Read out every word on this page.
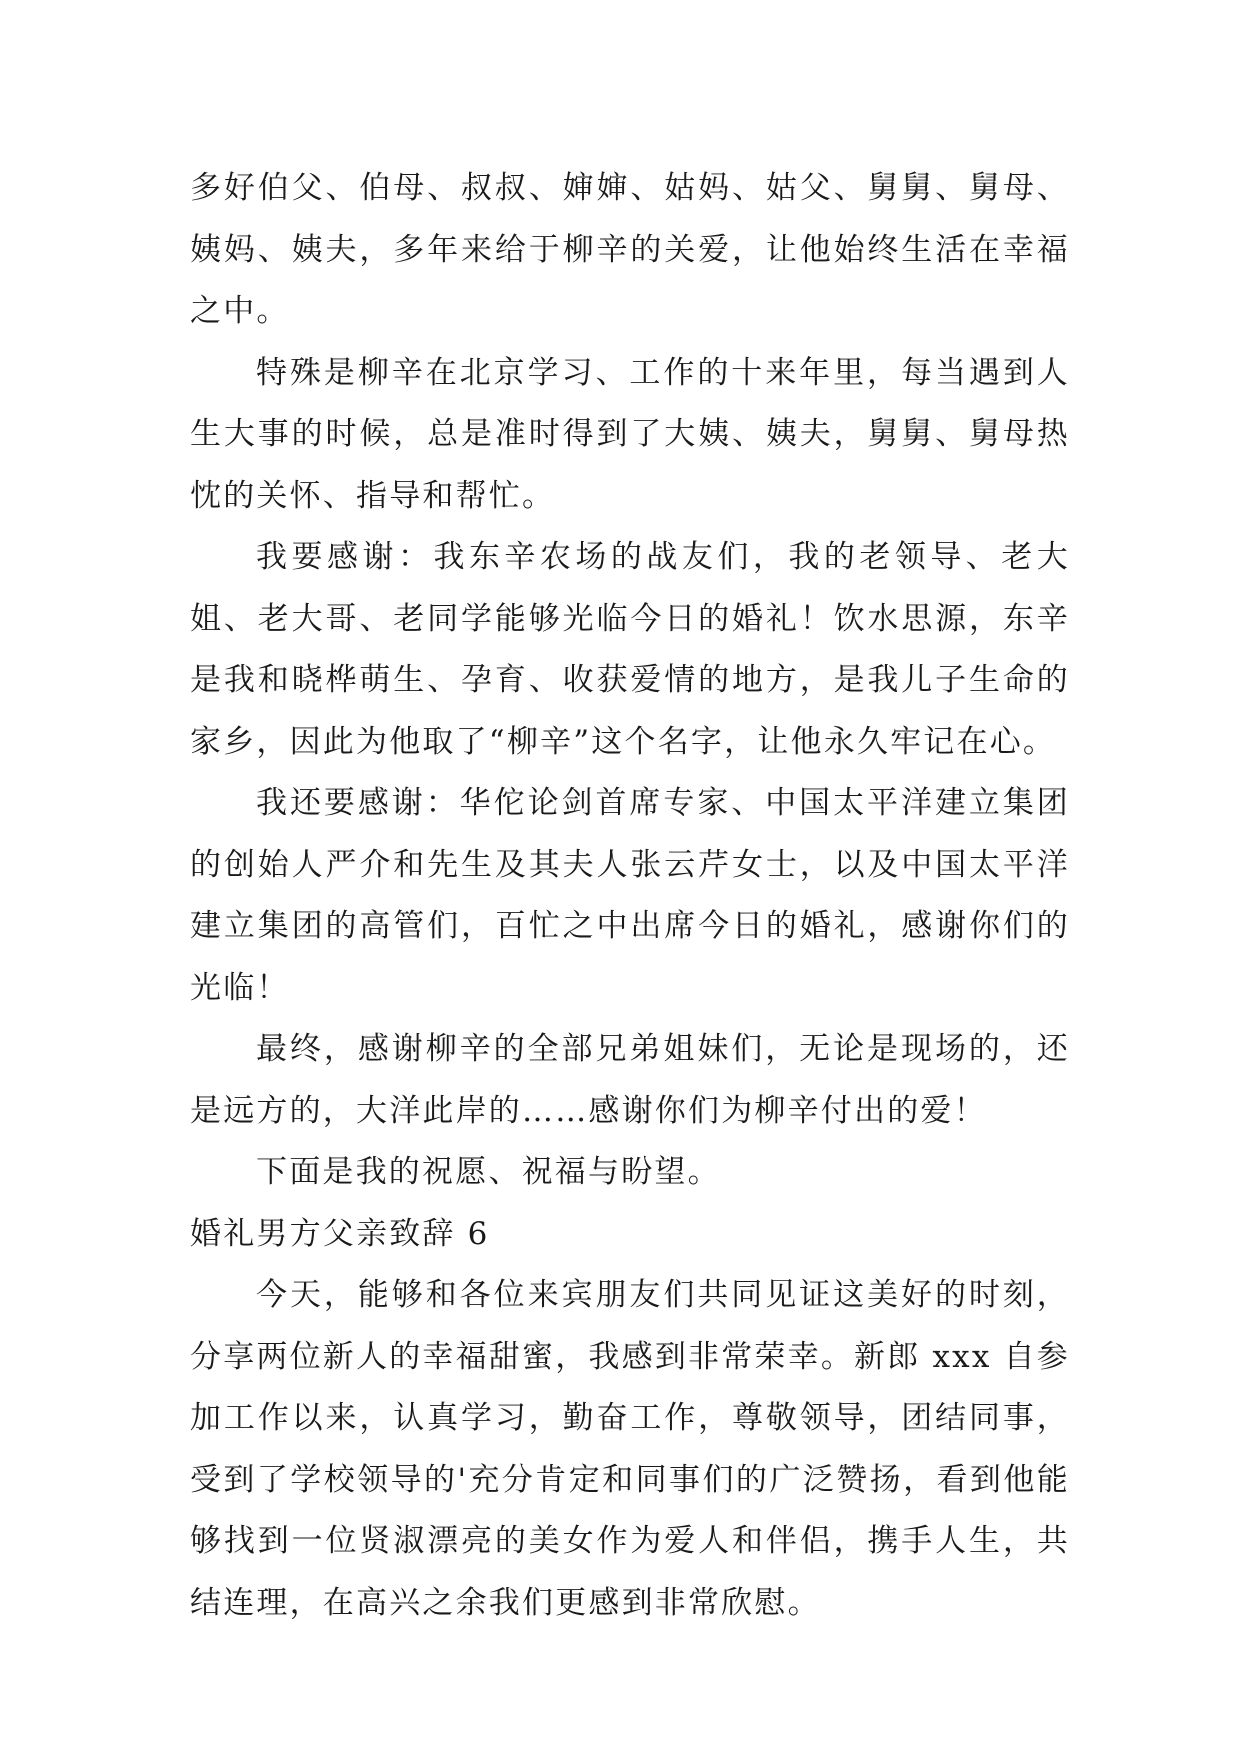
多好伯父、伯母、叔叔、婶婶、姑妈、姑父、舅舅、舅母、姨妈、姨夫，多年来给于柳辛的关爱，让他始终生活在幸福之中。

特殊是柳辛在北京学习、工作的十来年里，每当遇到人生大事的时候，总是准时得到了大姨、姨夫，舅舅、舅母热忱的关怀、指导和帮忙。

我要感谢：我东辛农场的战友们，我的老领导、老大姐、老大哥、老同学能够光临今日的婚礼！饮水思源，东辛是我和晓桦萌生、孕育、收获爱情的地方，是我儿子生命的家乡，因此为他取了“柳辛”这个名字，让他永久牢记在心。

我还要感谢：华佗论剑首席专家、中国太平洋建立集团的创始人严介和先生及其夫人张云芹女士，以及中国太平洋建立集团的高管们，百忙之中出席今日的婚礼，感谢你们的光临！

最终，感谢柳辛的全部兄弟姐妹们，无论是现场的，还是远方的，大洋此岸的……感谢你们为柳辛付出的爱！

下面是我的祝愿、祝福与盼望。

婚礼男方父亲致辞 6

今天，能够和各位来宾朋友们共同见证这美好的时刻，分享两位新人的幸福甜蜜，我感到非常荣幸。新郎 xxx 自参加工作以来，认真学习，勤奋工作，尊敬领导，团结同事，受到了学校领导的'充分肯定和同事们的广泛赞扬，看到他能够找到一位贤淑漂亮的美女作为爱人和伴侣，携手人生，共结连理，在高兴之余我们更感到非常欣慰。
